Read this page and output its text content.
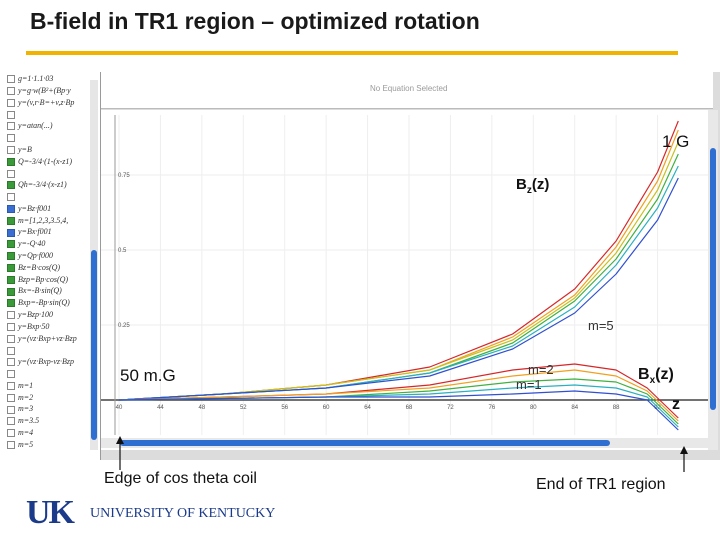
B-field in TR1 region – optimized rotation
g=1·1.1·03
y=g·w(B²+(Bp·y
y=(v,r·B=+v,z·Bp
y=atan(...)
y=B
Q=-3/4·(1-(x-z1)
Qh=-3/4·(x-z1)
y=Bz·f001
m=[1,2,3,3.5,4,
y=Bx·f001
y=-Q·40
y=Qp·f000
Bz=B·cos(Q)
Bzp=Bp·cos(Q)
Bx=-B·sin(Q)
Bxp=-Bp·sin(Q)
y=Bzp·100
y=Bxp·50
y=(vz·Bxp+vz·Bzp
y=(vz·Bxp-vz·Bzp
m=1
m=2
m=3
m=3.5
m=4
m=5
No Equation Selected
40	44	48	52	56	60	64	68	72	76	80	84	88	92
0.75
0.5
0.25
1 G
$B_z(z)$
m=5
50 m.G	m=2
m=1
$B_x(z)$
z
Edge of cos theta coil	End of TR1 region
UK UNIVERSITY OF KENTUCKY
